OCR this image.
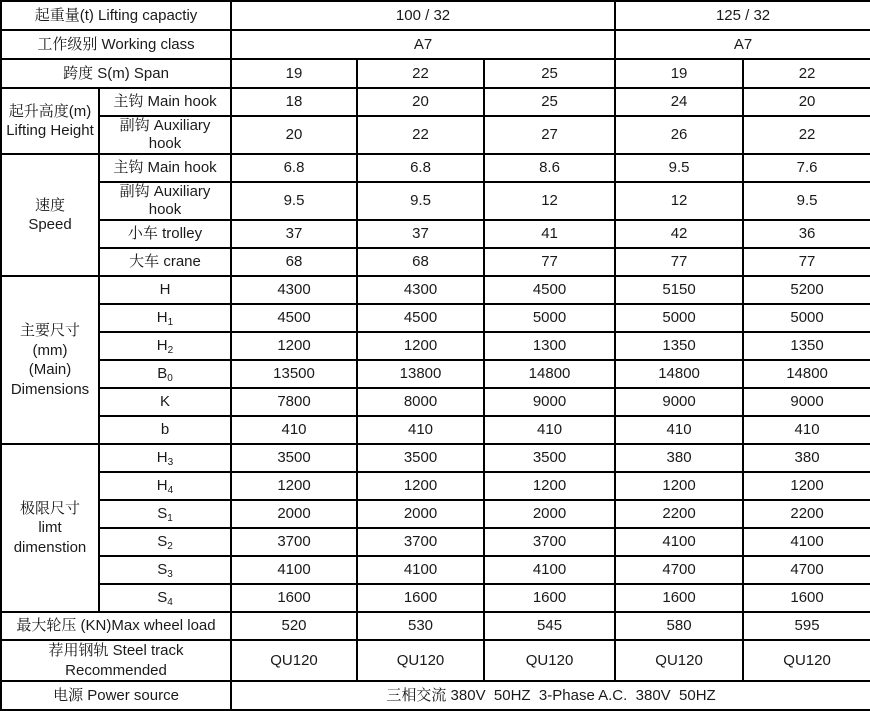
起重量(t) Lifting capactiy		100 / 32			125 / 32	
工作级别 Working class		A7			A7	
跨度 S(m) Span		19	22	25	19	22

起升高度(m)
Lifting Height	主钩 Main hook	18	20	25	24	20
	副钩 Auxiliary hook	20	22	27	26	22

速度
Speed	主钩 Main hook	6.8	6.8	8.6	9.5	7.6
	副钩 Auxiliary hook	9.5	9.5	12	12	9.5
	小车 trolley	37	37	41	42	36
	大车 crane	68	68	77	77	77

主要尺寸
(mm)
(Main)
Dimensions	H	4300	4300	4500	5150	5200
	$H_1$	4500	4500	5000	5000	5000
	$H_2$	1200	1200	1300	1350	1350
	$B_0$	13500	13800	14800	14800	14800
	K	7800	8000	9000	9000	9000
	b	410	410	410	410	410

极限尺寸
limt
dimenstion	$H_3$	3500	3500	3500	380	380
	$H_4$	1200	1200	1200	1200	1200
	$S_1$	2000	2000	2000	2200	2200
	$S_2$	3700	3700	3700	4100	4100
	$S_3$	4100	4100	4100	4700	4700
	$S_4$	1600	1600	1600	1600	1600
最大轮压 (KN)Max wheel load		520	530	545	580	595

荐用钢轨 Steel track
Recommended		QU120	QU120	QU120	QU120	QU120
电源 Power source		三相交流 380V  50HZ  3-Phase A.C.  380V  50HZ				
